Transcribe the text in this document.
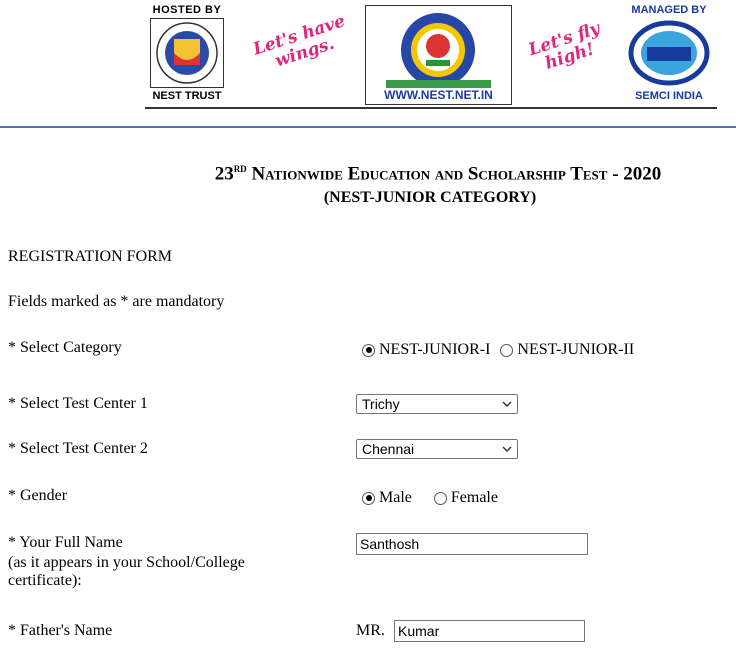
HOSTED BY
NEST TRUST
Let's have wings.
WWW.NEST.NET.IN
Let's fly high!
MANAGED BY
SEMCI INDIA
23rd Nationwide Education and Scholarship Test - 2020
(NEST-JUNIOR CATEGORY)
REGISTRATION FORM
Fields marked as * are mandatory
* Select Category	NEST-JUNIOR-I NEST-JUNIOR-II
* Select Test Center 1	Trichy
* Select Test Center 2	Chennai
* Gender	Male Female
* Your Full Name
(as it appears in your School/College certificate):
Santhosh
* Father's Name	MR. Kumar
